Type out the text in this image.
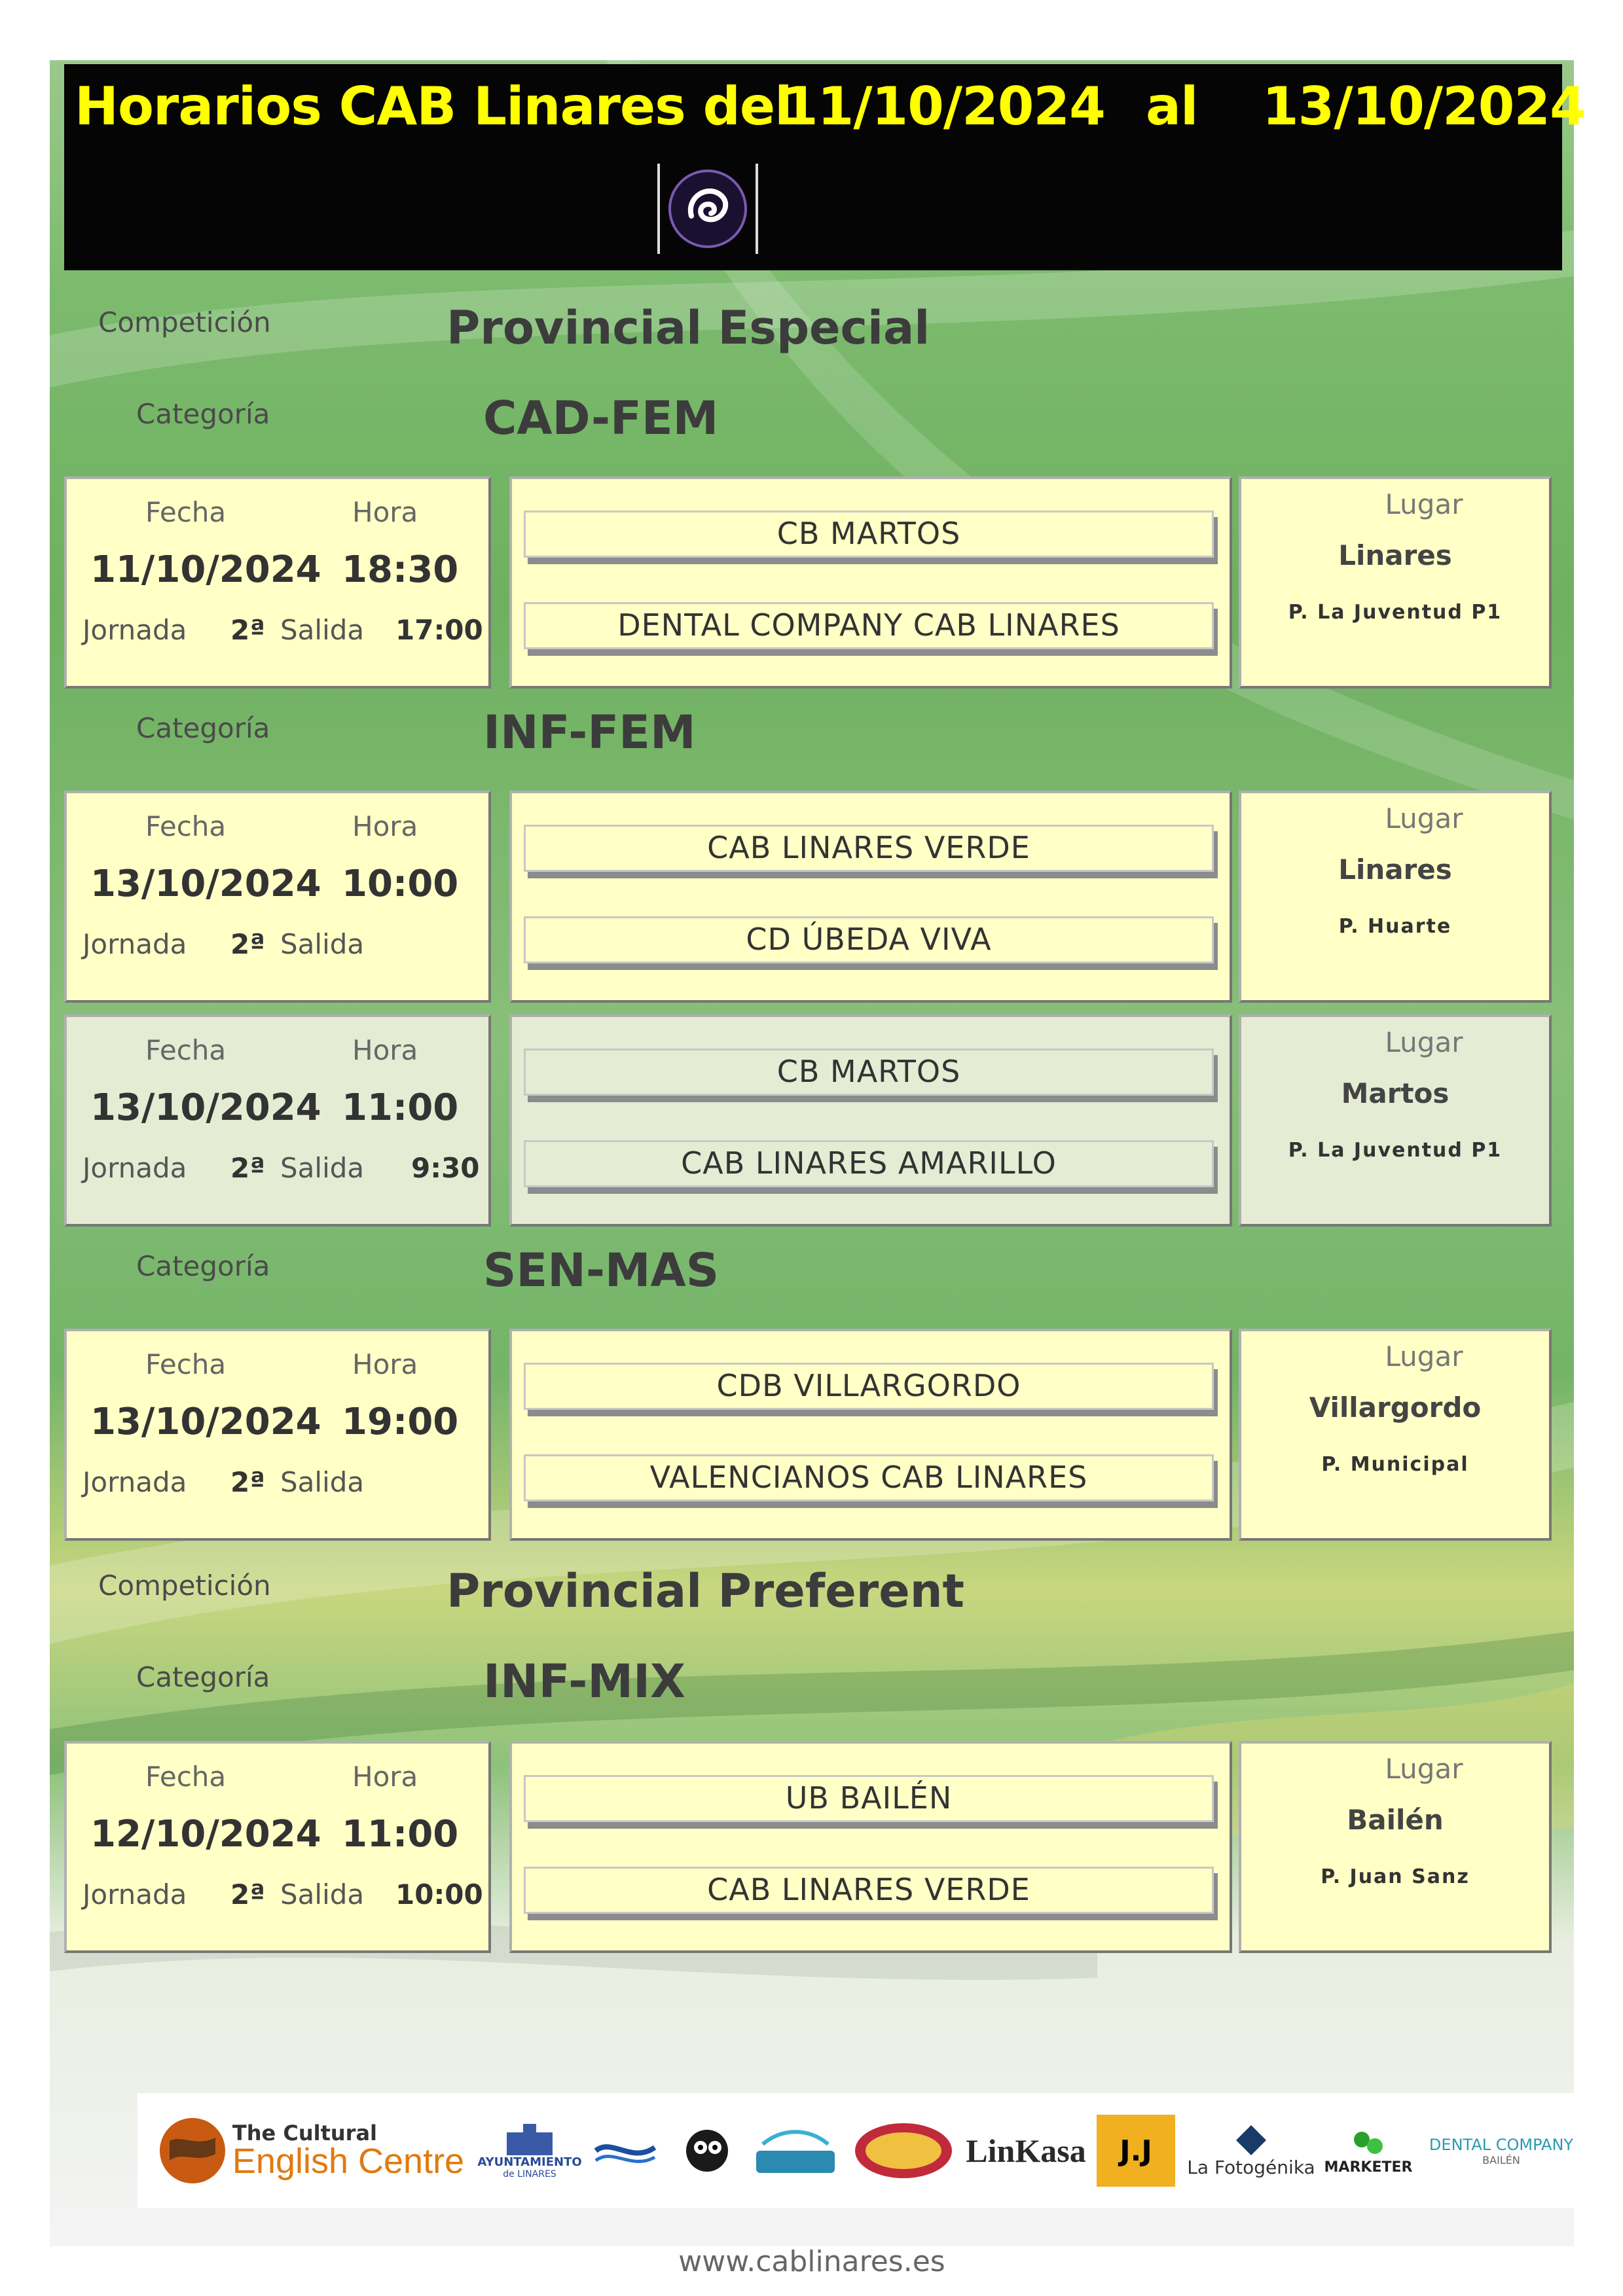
Horarios CAB Linares del
11/10/2024 al 13/10/2024
Competición	Provincial Especial
Categoría	CAD-FEM
Fecha	Hora
11/10/2024 18:30
Jornada 2ª Salida 17:00
CB MARTOS
DENTAL COMPANY CAB LINARES
Lugar
Linares
P. La Juventud P1
Categoría	INF-FEM
Fecha	Hora
13/10/2024 10:00
Jornada 2ª Salida
CAB LINARES VERDE
CD ÚBEDA VIVA
Lugar
Linares
P. Huarte
Fecha	Hora
13/10/2024 11:00
Jornada 2ª Salida 9:30
CB MARTOS
CAB LINARES AMARILLO
Lugar
Martos
P. La Juventud P1
Categoría	SEN-MAS
Fecha	Hora
13/10/2024 19:00
Jornada 2ª Salida
CDB VILLARGORDO
VALENCIANOS CAB LINARES
Lugar
Villargordo
P. Municipal
Competición	Provincial Preferent
Categoría	INF-MIX
Fecha	Hora
12/10/2024 11:00
Jornada 2ª Salida 10:00
UB BAILÉN
CAB LINARES VERDE
Lugar
Bailén
P. Juan Sanz
The Cultural
English Centre AYUNTAMIENTO
de LINARES
LinKasa J.J La Fotogénika MARKETER
DENTAL COMPANY
BAILÉN
www.cablinares.es
